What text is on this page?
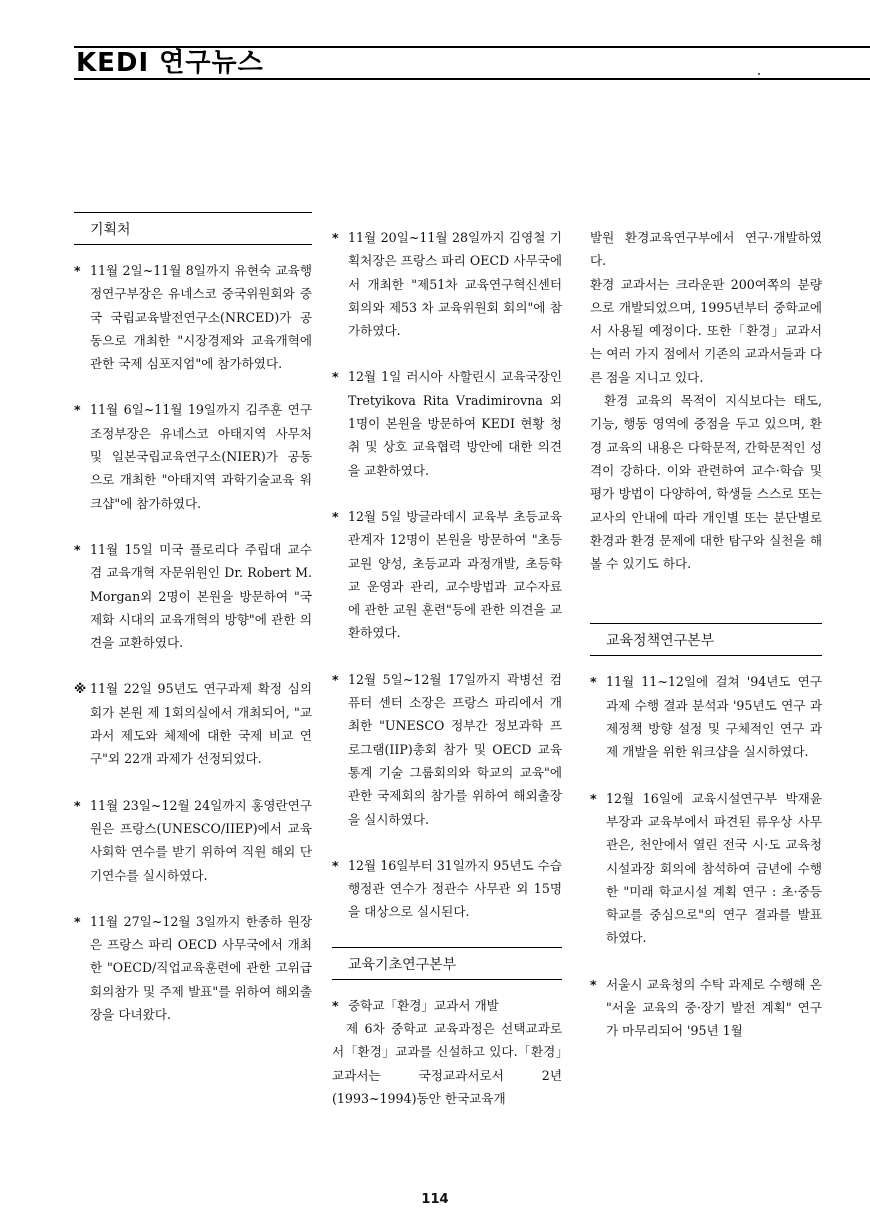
KEDI 연구뉴스
기획처

* 11월 2일~11월 8일까지 유현숙 교육행정연구부장은 유네스코 중국위원회와 중국 국립교육발전연구소(NRCED)가 공동으로 개최한 "시장경제와 교육개혁에 관한 국제 심포지엄"에 참가하였다.

* 11월 6일~11월 19일까지 김주훈 연구조정부장은 유네스코 아태지역 사무처 및 일본국립교육연구소(NIER)가 공동으로 개최한 "아태지역 과학기술교육 워크샵"에 참가하였다.

* 11월 15일 미국 플로리다 주립대 교수겸 교육개혁 자문위원인 Dr. Robert M. Morgan외 2명이 본원을 방문하여 "국제화 시대의 교육개혁의 방향"에 관한 의견을 교환하였다.

※ 11월 22일 95년도 연구과제 확정 심의회가 본원 제 1회의실에서 개최되어, "교과서 제도와 체제에 대한 국제 비교 연구"외 22개 과제가 선정되었다.

* 11월 23일~12월 24일까지 홍영란연구원은 프랑스(UNESCO/IIEP)에서 교육사회학 연수를 받기 위하여 직원 해외 단기연수를 실시하였다.

* 11월 27일~12월 3일까지 한종하 원장은 프랑스 파리 OECD 사무국에서 개최한 "OECD/직업교육훈련에 관한 고위급 회의참가 및 주제 발표"를 위하여 해외출장을 다녀왔다.

* 11월 20일~11월 28일까지 김영철 기획처장은 프랑스 파리 OECD 사무국에서 개최한 "제51차 교육연구혁신센터회의와 제53 차 교육위원회 회의"에 참가하였다.

* 12월 1일 러시아 사할린시 교육국장인 Tretyikova Rita Vradimirovna 외 1명이 본원을 방문하여 KEDI 현황 청취 및 상호 교육협력 방안에 대한 의견을 교환하였다.

* 12월 5일 방글라데시 교육부 초등교육관계자 12명이 본원을 방문하여 "초등교원 양성, 초등교과 과정개발, 초등학교 운영과 관리, 교수방법과 교수자료에 관한 교원 훈련"등에 관한 의견을 교환하였다.

* 12월 5일~12월 17일까지 곽병선 컴퓨터 센터 소장은 프랑스 파리에서 개최한 "UNESCO 정부간 정보과학 프로그램(IIP)총회 참가 및 OECD 교육통계 기술 그룹회의와 학교의 교육"에 관한 국제회의 참가를 위하여 해외출장을 실시하였다.

* 12월 16일부터 31일까지 95년도 수습행정관 연수가 정관수 사무관 외 15명을 대상으로 실시된다.

교육기초연구본부

* 중학교「환경」교과서 개발

제 6차 중학교 교육과정은 선택교과로서「환경」교과를 신설하고 있다.「환경」교과서는 국정교과서로서 2년(1993~1994)동안 한국교육개

발원 환경교육연구부에서 연구·개발하였다.

환경 교과서는 크라운판 200여쪽의 분량으로 개발되었으며, 1995년부터 중학교에서 사용될 예정이다. 또한「환경」교과서는 여러 가지 점에서 기존의 교과서들과 다른 점을 지니고 있다.

환경 교육의 목적이 지식보다는 태도, 기능, 행동 영역에 중점을 두고 있으며, 환경 교육의 내용은 다학문적, 간학문적인 성격이 강하다. 이와 관련하여 교수·학습 및 평가 방법이 다양하여, 학생들 스스로 또는 교사의 안내에 따라 개인별 또는 분단별로 환경과 환경 문제에 대한 탐구와 실천을 해 볼 수 있기도 하다.

교육정책연구본부

* 11월 11~12일에 걸쳐 '94년도 연구 과제 수행 결과 분석과 '95년도 연구 과제정책 방향 설정 및 구체적인 연구 과제 개발을 위한 워크샵을 실시하였다.

* 12월 16일에 교육시설연구부 박재윤 부장과 교육부에서 파견된 류우상 사무관은, 천안에서 열린 전국 시·도 교육청 시설과장 회의에 참석하여 금년에 수행한 "미래 학교시설 계획 연구 : 초·중등학교를 중심으로"의 연구 결과를 발표하였다.

* 서울시 교육청의 수탁 과제로 수행해 온 "서울 교육의 중·장기 발전 계획" 연구가 마무리되어 '95년 1월

114
